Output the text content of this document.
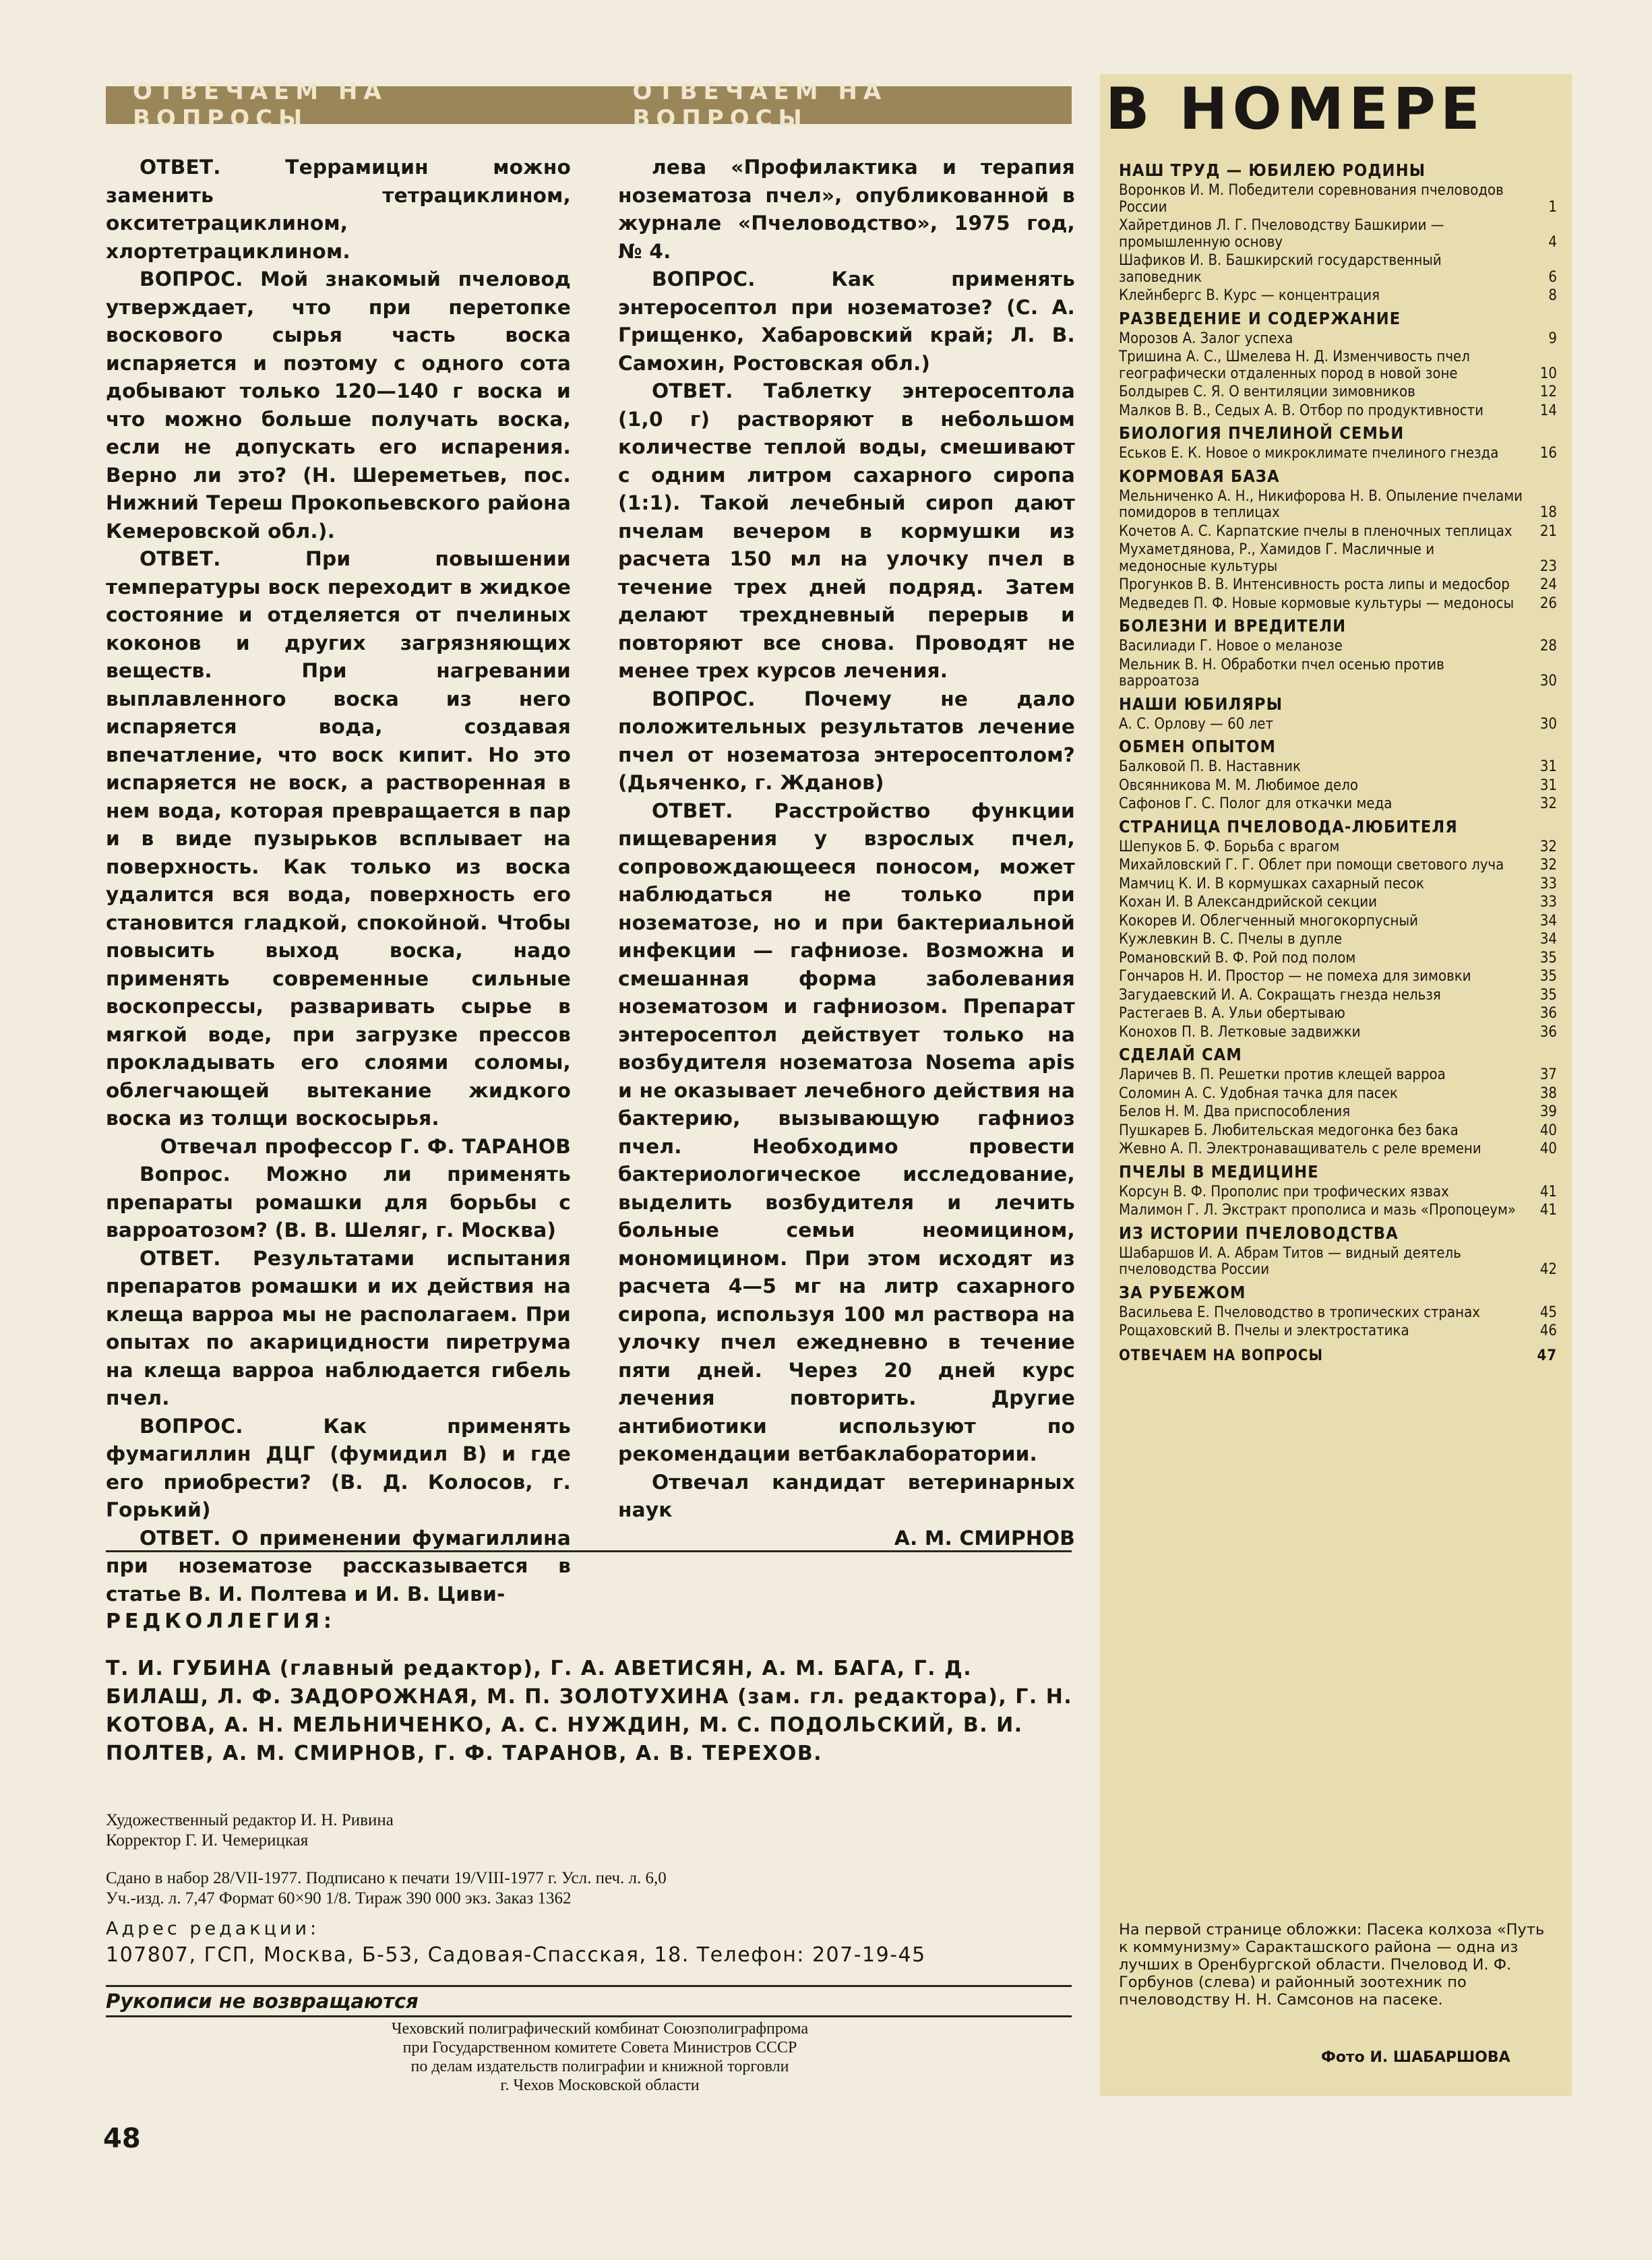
ОТВЕЧАЕМ НА ВОПРОСЫ
ОТВЕЧАЕМ НА ВОПРОСЫ

ОТВЕТ. Террамицин можно заменить тетрациклином, окситетрациклином, хлортетрациклином.

ВОПРОС. Мой знакомый пчеловод утверждает, что при перетопке воскового сырья часть воска испаряется и поэтому с одного сота добывают только 120—140 г воска и что можно больше получать воска, если не допускать его испарения. Верно ли это? (Н. Шереметьев, пос. Нижний Тереш Прокопьевского района Кемеровской обл.).

ОТВЕТ. При повышении температуры воск переходит в жидкое состояние и отделяется от пчелиных коконов и других загрязняющих веществ. При нагревании выплавленного воска из него испаряется вода, создавая впечатление, что воск кипит. Но это испаряется не воск, а растворенная в нем вода, которая превращается в пар и в виде пузырьков всплывает на поверхность. Как только из воска удалится вся вода, поверхность его становится гладкой, спокойной. Чтобы повысить выход воска, надо применять современные сильные воскопрессы, разваривать сырье в мягкой воде, при загрузке прессов прокладывать его слоями соломы, облегчающей вытекание жидкого воска из толщи воскосырья.

Отвечал профессор Г. Ф. ТАРАНОВ

Вопрос. Можно ли применять препараты ромашки для борьбы с варроатозом? (В. В. Шеляг, г. Москва)

ОТВЕТ. Результатами испытания препаратов ромашки и их действия на клеща варроа мы не располагаем. При опытах по акарицидности пиретрума на клеща варроа наблюдается гибель пчел.

ВОПРОС. Как применять фумагиллин ДЦГ (фумидил В) и где его приобрести? (В. Д. Колосов, г. Горький)

ОТВЕТ. О применении фумагиллина при нозематозе рассказывается в статье В. И. Полтева и И. В. Циви-

лева «Профилактика и терапия нозематоза пчел», опубликованной в журнале «Пчеловодство», 1975 год, № 4.

ВОПРОС. Как применять энтеросептол при нозематозе? (С. А. Грищенко, Хабаровский край; Л. В. Самохин, Ростовская обл.)

ОТВЕТ. Таблетку энтеросептола (1,0 г) растворяют в небольшом количестве теплой воды, смешивают с одним литром сахарного сиропа (1:1). Такой лечебный сироп дают пчелам вечером в кормушки из расчета 150 мл на улочку пчел в течение трех дней подряд. Затем делают трехдневный перерыв и повторяют все снова. Проводят не менее трех курсов лечения.

ВОПРОС. Почему не дало положительных результатов лечение пчел от нозематоза энтеросептолом? (Дьяченко, г. Жданов)

ОТВЕТ. Расстройство функции пищеварения у взрослых пчел, сопровождающееся поносом, может наблюдаться не только при нозематозе, но и при бактериальной инфекции — гафниозе. Возможна и смешанная форма заболевания нозематозом и гафниозом. Препарат энтеросептол действует только на возбудителя нозематоза Nosema apis и не оказывает лечебного действия на бактерию, вызывающую гафниоз пчел. Необходимо провести бактериологическое исследование, выделить возбудителя и лечить больные семьи неомицином, мономицином. При этом исходят из расчета 4—5 мг на литр сахарного сиропа, используя 100 мл раствора на улочку пчел ежедневно в течение пяти дней. Через 20 дней курс лечения повторить. Другие антибиотики используют по рекомендации ветбаклаборатории.

Отвечал кандидат ветеринарных наук

А. М. СМИРНОВ

РЕДКОЛЛЕГИЯ:
Т. И. ГУБИНА (главный редактор), Г. А. АВЕТИСЯН, А. М. БАГА, Г. Д. БИЛАШ, Л. Ф. ЗАДОРОЖНАЯ, М. П. ЗОЛОТУХИНА (зам. гл. редактора), Г. Н. КОТОВА, А. Н. МЕЛЬНИЧЕНКО, А. С. НУЖДИН, М. С. ПОДОЛЬСКИЙ, В. И. ПОЛТЕВ, А. М. СМИРНОВ, Г. Ф. ТАРАНОВ, А. В. ТЕРЕХОВ.
Художественный редактор И. Н. Ривина
Корректор Г. И. Чемерицкая
Сдано в набор 28/VII-1977. Подписано к печати 19/VIII-1977 г. Усл. печ. л. 6,0
Уч.-изд. л. 7,47 Формат 60×90 1/8. Тираж 390 000 экз. Заказ 1362
Адрес редакции:
107807, ГСП, Москва, Б-53, Садовая-Спасская, 18. Телефон: 207-19-45
Рукописи не возвращаются
Чеховский полиграфический комбинат Союзполиграфпрома
при Государственном комитете Совета Министров СССР
по делам издательств полиграфии и книжной торговли
г. Чехов Московской области
48
В НОМЕРЕ
НАШ ТРУД — ЮБИЛЕЮ РОДИНЫ
Воронков И. М. Победители соревнования пчеловодов России	1
Хайретдинов Л. Г. Пчеловодству Башкирии — промышленную основу	4
Шафиков И. В. Башкирский государственный заповедник	6
Клейнбергс В. Курс — концентрация	8
РАЗВЕДЕНИЕ И СОДЕРЖАНИЕ
Морозов А. Залог успеха	9
Тришина А. С., Шмелева Н. Д. Изменчивость пчел географически отдаленных пород в новой зоне	10
Болдырев С. Я. О вентиляции зимовников	12
Малков В. В., Седых А. В. Отбор по продуктивности	14
БИОЛОГИЯ ПЧЕЛИНОЙ СЕМЬИ
Еськов Е. К. Новое о микроклимате пчелиного гнезда	16
КОРМОВАЯ БАЗА
Мельниченко А. Н., Никифорова Н. В. Опыление пчелами помидоров в теплицах	18
Кочетов А. С. Карпатские пчелы в пленочных теплицах	21
Мухаметдянова, Р., Хамидов Г. Масличные и медоносные культуры	23
Прогунков В. В. Интенсивность роста липы и медосбор	24
Медведев П. Ф. Новые кормовые культуры — медоносы	26
БОЛЕЗНИ И ВРЕДИТЕЛИ
Василиади Г. Новое о меланозе	28
Мельник В. Н. Обработки пчел осенью против варроатоза	30
НАШИ ЮБИЛЯРЫ
А. С. Орлову — 60 лет	30
ОБМЕН ОПЫТОМ
Балковой П. В. Наставник	31
Овсянникова М. М. Любимое дело	31
Сафонов Г. С. Полог для откачки меда	32
СТРАНИЦА ПЧЕЛОВОДА-ЛЮБИТЕЛЯ
Шепуков Б. Ф. Борьба с врагом	32
Михайловский Г. Г. Облет при помощи светового луча	32
Мамчиц К. И. В кормушках сахарный песок	33
Кохан И. В Александрийской секции	33
Кокорев И. Облегченный многокорпусный	34
Кужлевкин В. С. Пчелы в дупле	34
Романовский В. Ф. Рой под полом	35
Гончаров Н. И. Простор — не помеха для зимовки	35
Загудаевский И. А. Сокращать гнезда нельзя	35
Растегаев В. А. Ульи обертываю	36
Конохов П. В. Летковые задвижки	36
СДЕЛАЙ САМ
Ларичев В. П. Решетки против клещей варроа	37
Соломин А. С. Удобная тачка для пасек	38
Белов Н. М. Два приспособления	39
Пушкарев Б. Любительская медогонка без бака	40
Жевно А. П. Электронаващиватель с реле времени	40
ПЧЕЛЫ В МЕДИЦИНЕ
Корсун В. Ф. Прополис при трофических язвах	41
Малимон Г. Л. Экстракт прополиса и мазь «Пропоцеум»	41
ИЗ ИСТОРИИ ПЧЕЛОВОДСТВА
Шабаршов И. А. Абрам Титов — видный деятель пчеловодства России	42
ЗА РУБЕЖОМ
Васильева Е. Пчеловодство в тропических странах	45
Рощаховский В. Пчелы и электростатика	46
ОТВЕЧАЕМ НА ВОПРОСЫ	47
На первой странице обложки: Пасека колхоза «Путь к коммунизму» Саракташского района — одна из лучших в Оренбургской области. Пчеловод И. Ф. Горбунов (слева) и районный зоотехник по пчеловодству Н. Н. Самсонов на пасеке.
Фото И. ШАБАРШОВА
